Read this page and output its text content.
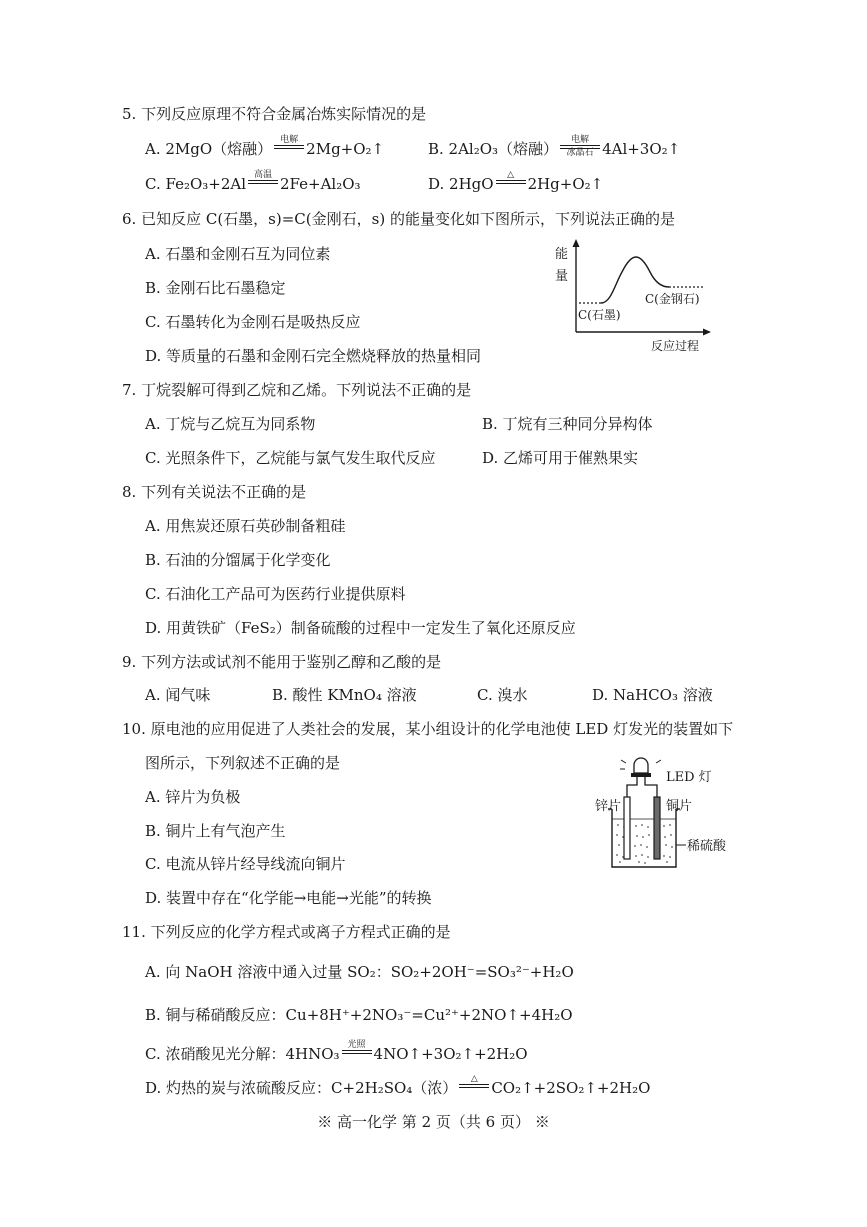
5. 下列反应原理不符合金属冶炼实际情况的是
A. 2MgO（熔融） 电解 2Mg+O₂↑	B. 2Al₂O₃（熔融） 电解
冰晶石 4Al+3O₂↑
C. Fe₂O₃+2Al 高温 2Fe+Al₂O₃	D. 2HgO △ 2Hg+O₂↑
6. 已知反应 C(石墨，s)=C(金刚石，s) 的能量变化如下图所示，下列说法正确的是
A. 石墨和金刚石互为同位素
B. 金刚石比石墨稳定
C. 石墨转化为金刚石是吸热反应
D. 等质量的石墨和金刚石完全燃烧释放的热量相同
能
量
C(金钢石)
C(石墨)
反应过程
7. 丁烷裂解可得到乙烷和乙烯。下列说法不正确的是
A. 丁烷与乙烷互为同系物	B. 丁烷有三种同分异构体
C. 光照条件下，乙烷能与氯气发生取代反应	D. 乙烯可用于催熟果实
8. 下列有关说法不正确的是
A. 用焦炭还原石英砂制备粗硅
B. 石油的分馏属于化学变化
C. 石油化工产品可为医药行业提供原料
D. 用黄铁矿（FeS₂）制备硫酸的过程中一定发生了氧化还原反应
9. 下列方法或试剂不能用于鉴别乙醇和乙酸的是
A. 闻气味	B. 酸性 KMnO₄ 溶液	C. 溴水	D. NaHCO₃ 溶液
10. 原电池的应用促进了人类社会的发展，某小组设计的化学电池使 LED 灯发光的装置如下
图所示，下列叙述不正确的是
A. 锌片为负极
B. 铜片上有气泡产生
C. 电流从锌片经导线流向铜片
D. 装置中存在“化学能→电能→光能”的转换
LED 灯
锌片	铜片
稀硫酸
11. 下列反应的化学方程式或离子方程式正确的是
A. 向 NaOH 溶液中通入过量 SO₂：SO₂+2OH⁻=SO₃²⁻+H₂O
B. 铜与稀硝酸反应：Cu+8H⁺+2NO₃⁻=Cu²⁺+2NO↑+4H₂O
C. 浓硝酸见光分解：4HNO₃ 光照 4NO↑+3O₂↑+2H₂O
D. 灼热的炭与浓硫酸反应：C+2H₂SO₄（浓） △ CO₂↑+2SO₂↑+2H₂O
※ 高一化学 第 2 页（共 6 页） ※
